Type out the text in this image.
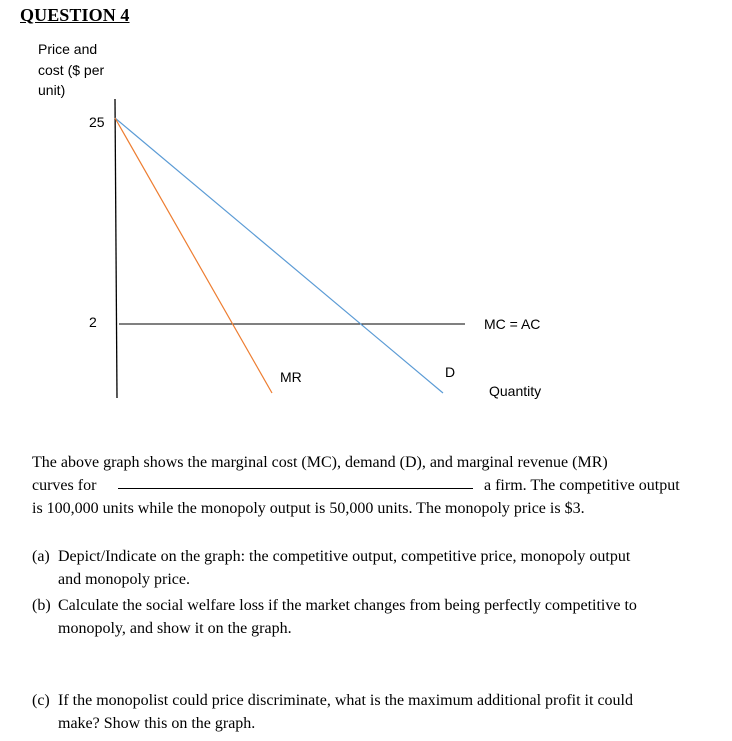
QUESTION 4
Price and
cost ($ per
unit)
25
2	MC = AC
MR	D
Quantity
The above graph shows the marginal cost (MC), demand (D), and marginal revenue (MR)
curves for	a firm. The competitive output
is 100,000 units while the monopoly output is 50,000 units. The monopoly price is $3.
(a) Depict/Indicate on the graph: the competitive output, competitive price, monopoly output
and monopoly price.
(b) Calculate the social welfare loss if the market changes from being perfectly competitive to
monopoly, and show it on the graph.
(c) If the monopolist could price discriminate, what is the maximum additional profit it could
make? Show this on the graph.
